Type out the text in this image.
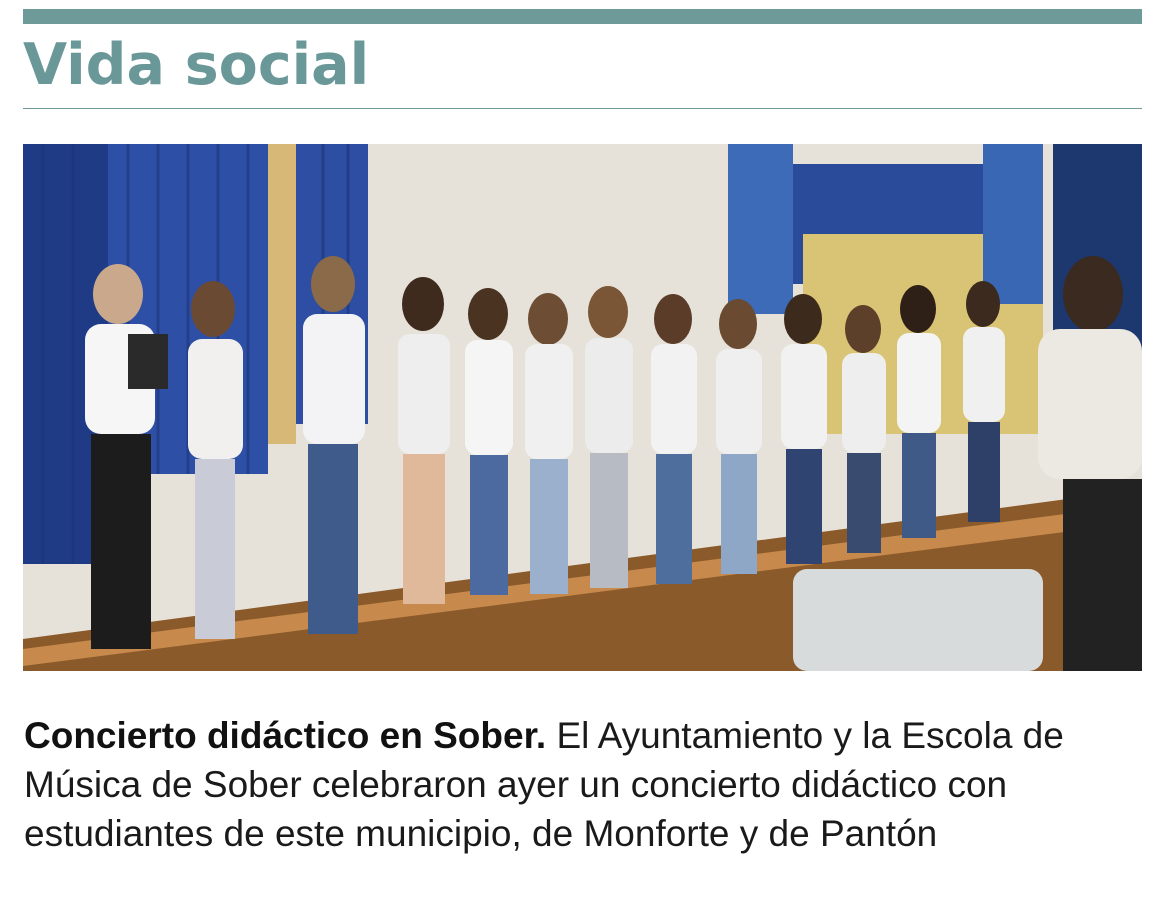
Vida social
Concierto didáctico en Sober. El Ayuntamiento y la Escola de Música de Sober celebraron ayer un concierto didáctico con estudiantes de este municipio, de Monforte y de Pantón
